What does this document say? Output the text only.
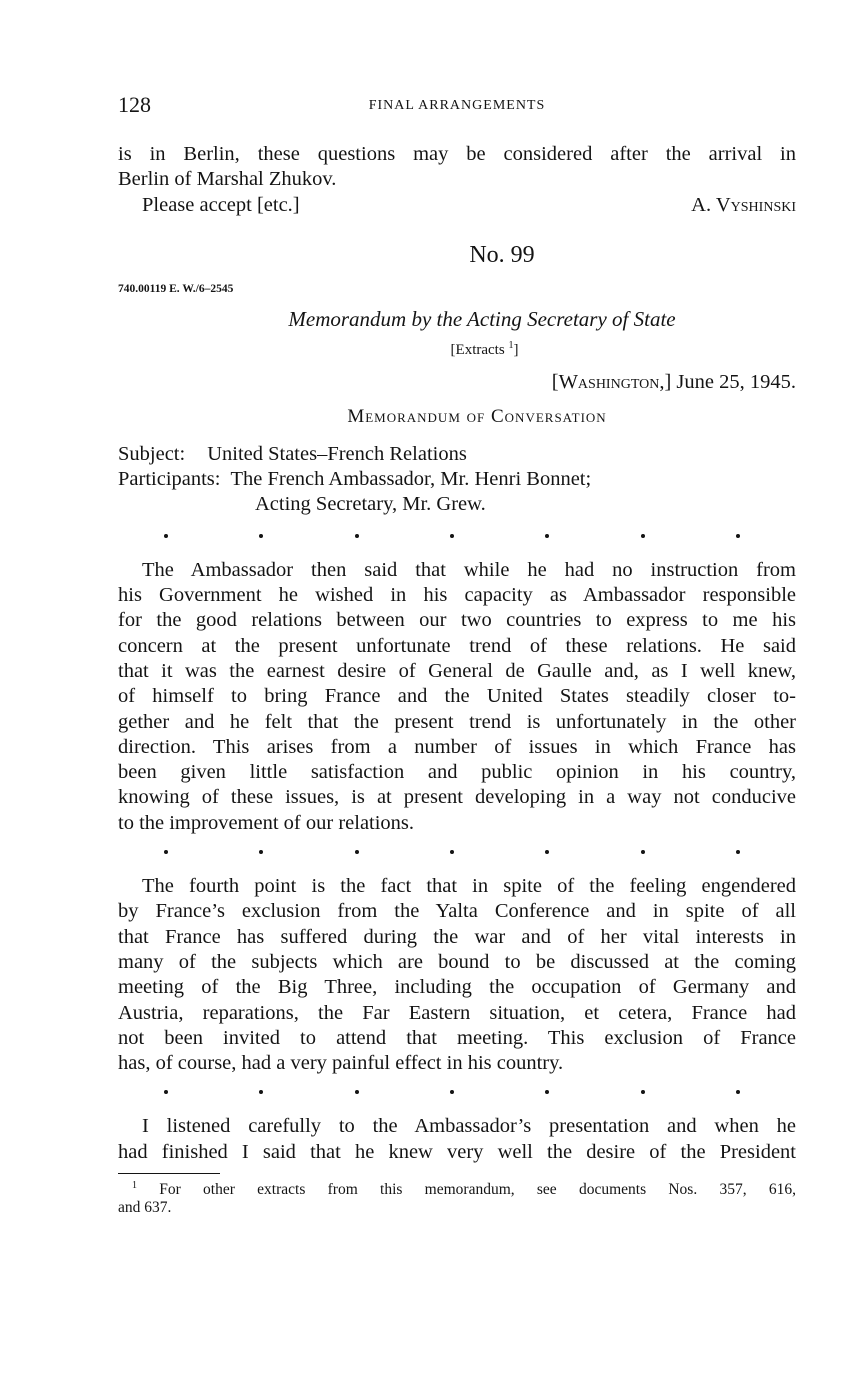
128	FINAL ARRANGEMENTS
is in Berlin, these questions may be considered after the arrival in
Berlin of Marshal Zhukov.
Please accept [etc.]	A. Vyshinski
No. 99
740.00119 E. W./6–2545
Memorandum by the Acting Secretary of State
[Extracts $^1$]
[Washington,] June 25, 1945.
Memorandum of Conversation
Subject:	United States–French Relations
Participants: The French Ambassador, Mr. Henri Bonnet;
Acting Secretary, Mr. Grew.
The Ambassador then said that while he had no instruction from
his Government he wished in his capacity as Ambassador responsible
for the good relations between our two countries to express to me his
concern at the present unfortunate trend of these relations. He said
that it was the earnest desire of General de Gaulle and, as I well knew,
of himself to bring France and the United States steadily closer to-
gether and he felt that the present trend is unfortunately in the other
direction. This arises from a number of issues in which France has
been given little satisfaction and public opinion in his country,
knowing of these issues, is at present developing in a way not conducive
to the improvement of our relations.
The fourth point is the fact that in spite of the feeling engendered
by France’s exclusion from the Yalta Conference and in spite of all
that France has suffered during the war and of her vital interests in
many of the subjects which are bound to be discussed at the coming
meeting of the Big Three, including the occupation of Germany and
Austria, reparations, the Far Eastern situation, et cetera, France had
not been invited to attend that meeting. This exclusion of France
has, of course, had a very painful effect in his country.
I listened carefully to the Ambassador’s presentation and when he
had finished I said that he knew very well the desire of the President
$^1$ For other extracts from this memorandum, see documents Nos. 357, 616,
and 637.
